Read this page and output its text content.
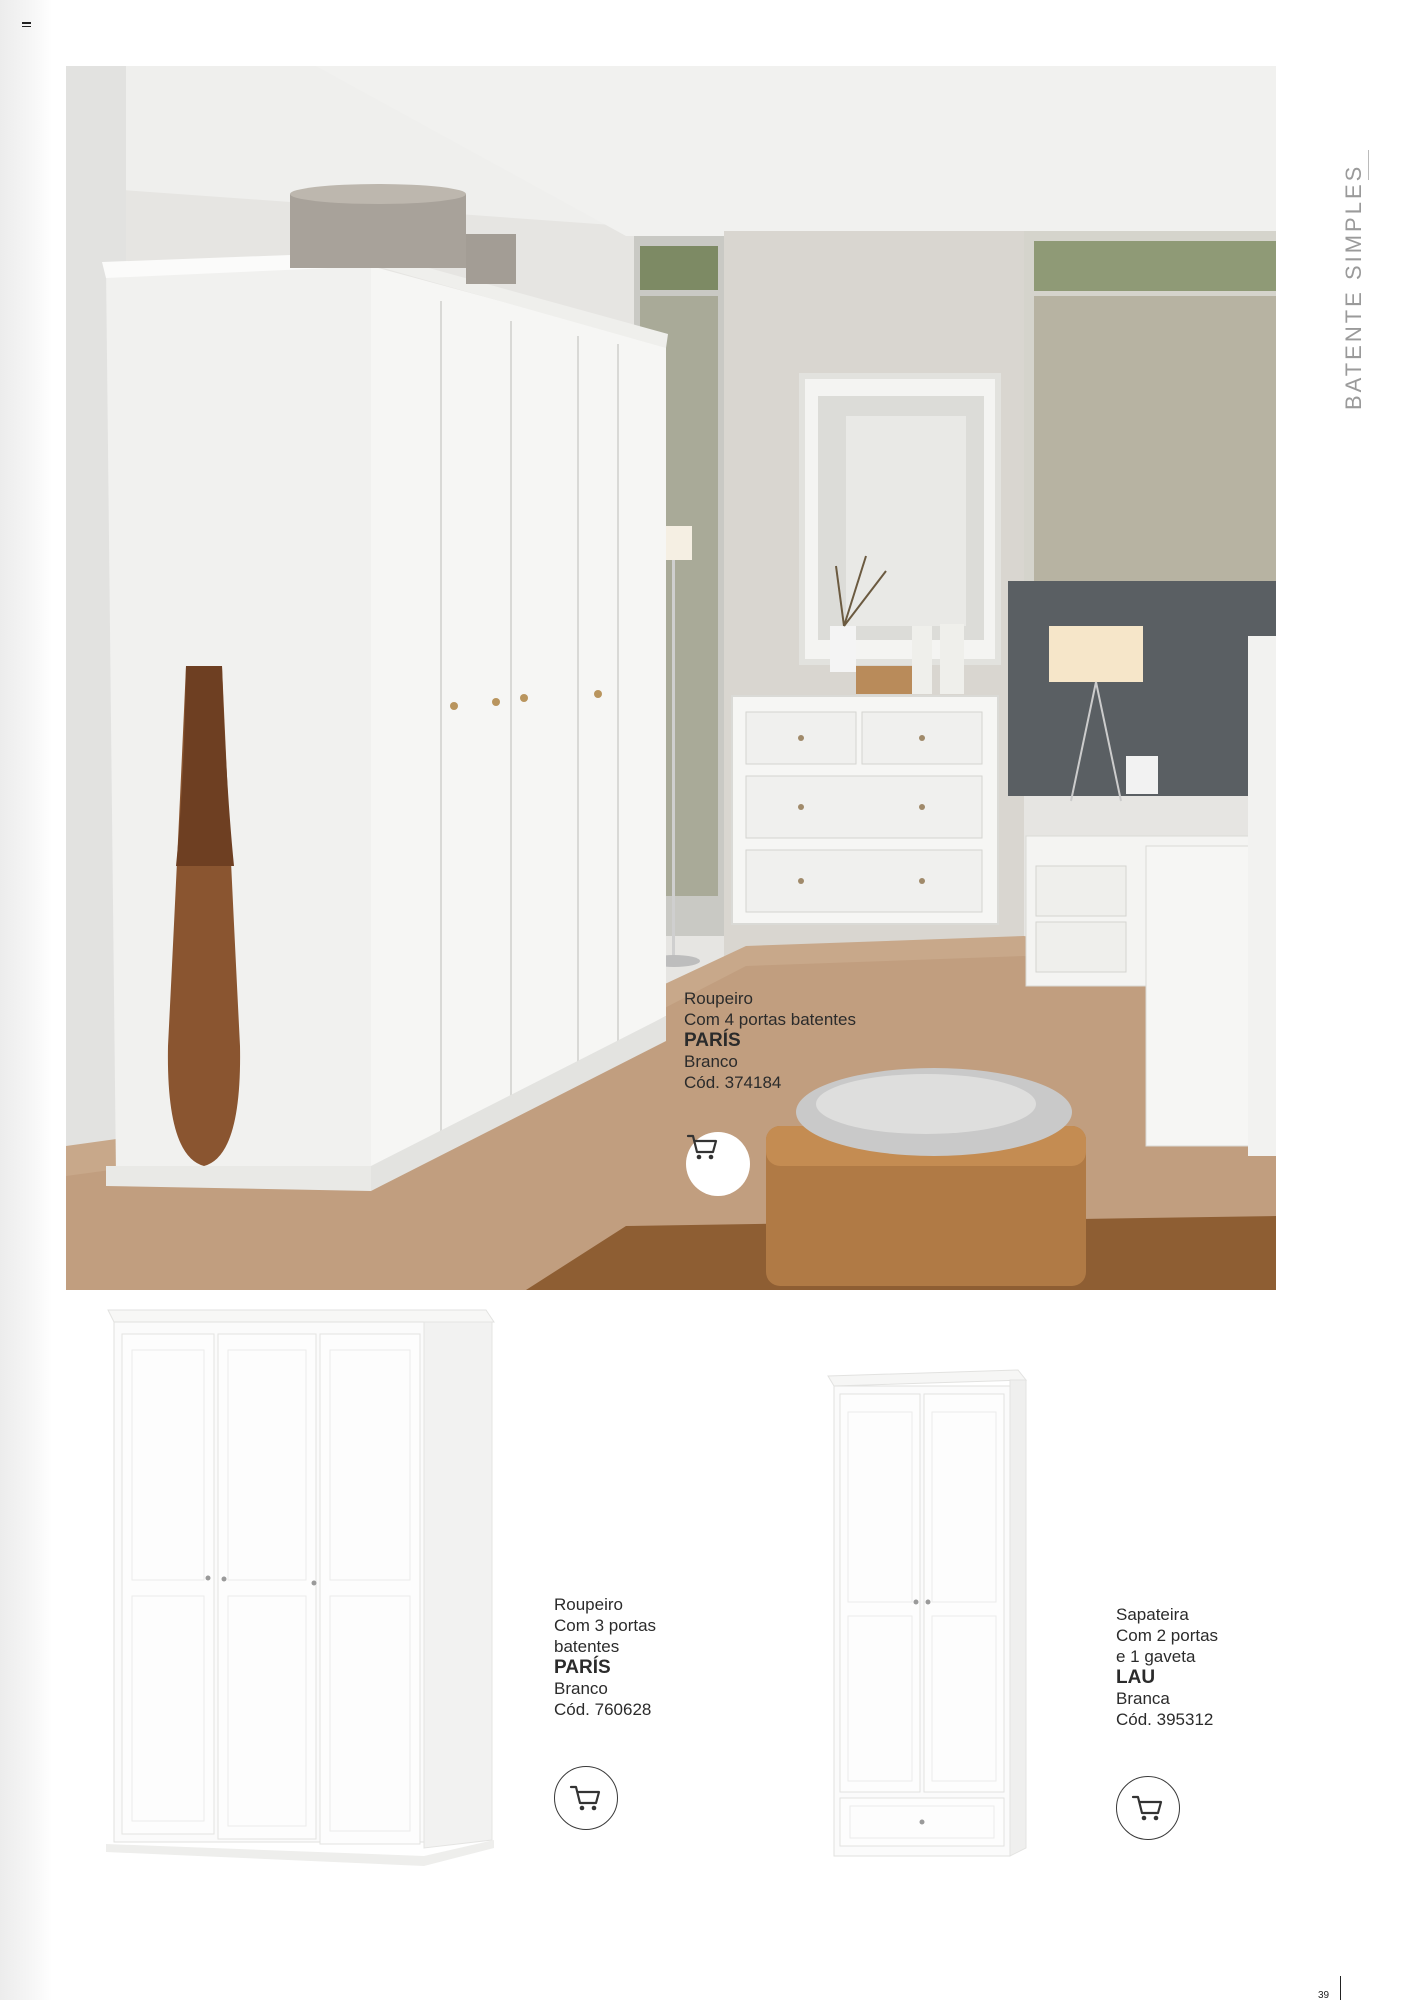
Roupeiro
Com 4 portas batentes
PARÍS
Branco
Cód. 374184
BATENTE SIMPLES
Roupeiro
Com 3 portas
batentes
PARÍS
Branco
Cód. 760628
Sapateira
Com 2 portas
e 1 gaveta
LAU
Branca
Cód. 395312
39
